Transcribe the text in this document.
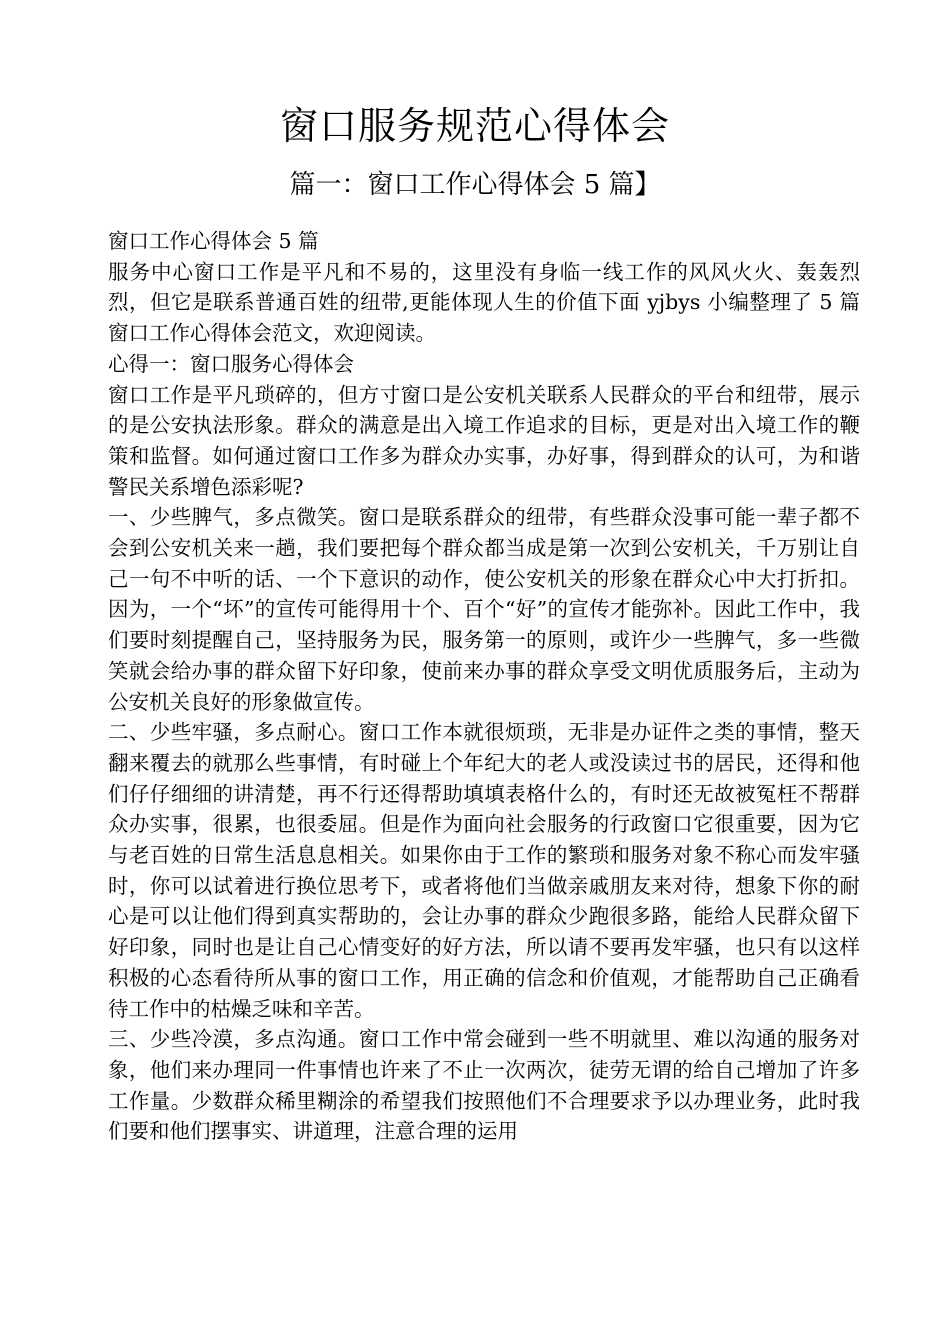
窗口服务规范心得体会
篇一：窗口工作心得体会 5 篇】

窗口工作心得体会 5 篇

服务中心窗口工作是平凡和不易的，这里没有身临一线工作的风风火火、轰轰烈烈，但它是联系普通百姓的纽带,更能体现人生的价值下面 yjbys 小编整理了 5 篇窗口工作心得体会范文，欢迎阅读。

心得一：窗口服务心得体会

窗口工作是平凡琐碎的，但方寸窗口是公安机关联系人民群众的平台和纽带，展示的是公安执法形象。群众的满意是出入境工作追求的目标，更是对出入境工作的鞭策和监督。如何通过窗口工作多为群众办实事，办好事，得到群众的认可，为和谐警民关系增色添彩呢?

一、少些脾气，多点微笑。窗口是联系群众的纽带，有些群众没事可能一辈子都不会到公安机关来一趟，我们要把每个群众都当成是第一次到公安机关，千万别让自己一句不中听的话、一个下意识的动作，使公安机关的形象在群众心中大打折扣。因为，一个“坏”的宣传可能得用十个、百个“好”的宣传才能弥补。因此工作中，我们要时刻提醒自己，坚持服务为民，服务第一的原则，或许少一些脾气，多一些微笑就会给办事的群众留下好印象，使前来办事的群众享受文明优质服务后，主动为公安机关良好的形象做宣传。

二、少些牢骚，多点耐心。窗口工作本就很烦琐，无非是办证件之类的事情，整天翻来覆去的就那么些事情，有时碰上个年纪大的老人或没读过书的居民，还得和他们仔仔细细的讲清楚，再不行还得帮助填填表格什么的，有时还无故被冤枉不帮群众办实事，很累，也很委屈。但是作为面向社会服务的行政窗口它很重要，因为它与老百姓的日常生活息息相关。如果你由于工作的繁琐和服务对象不称心而发牢骚时，你可以试着进行换位思考下，或者将他们当做亲戚朋友来对待，想象下你的耐心是可以让他们得到真实帮助的，会让办事的群众少跑很多路，能给人民群众留下好印象，同时也是让自己心情变好的好方法，所以请不要再发牢骚，也只有以这样积极的心态看待所从事的窗口工作，用正确的信念和价值观，才能帮助自己正确看待工作中的枯燥乏味和辛苦。

三、少些冷漠，多点沟通。窗口工作中常会碰到一些不明就里、难以沟通的服务对象，他们来办理同一件事情也许来了不止一次两次，徒劳无谓的给自己增加了许多工作量。少数群众稀里糊涂的希望我们按照他们不合理要求予以办理业务，此时我们要和他们摆事实、讲道理，注意合理的运用
